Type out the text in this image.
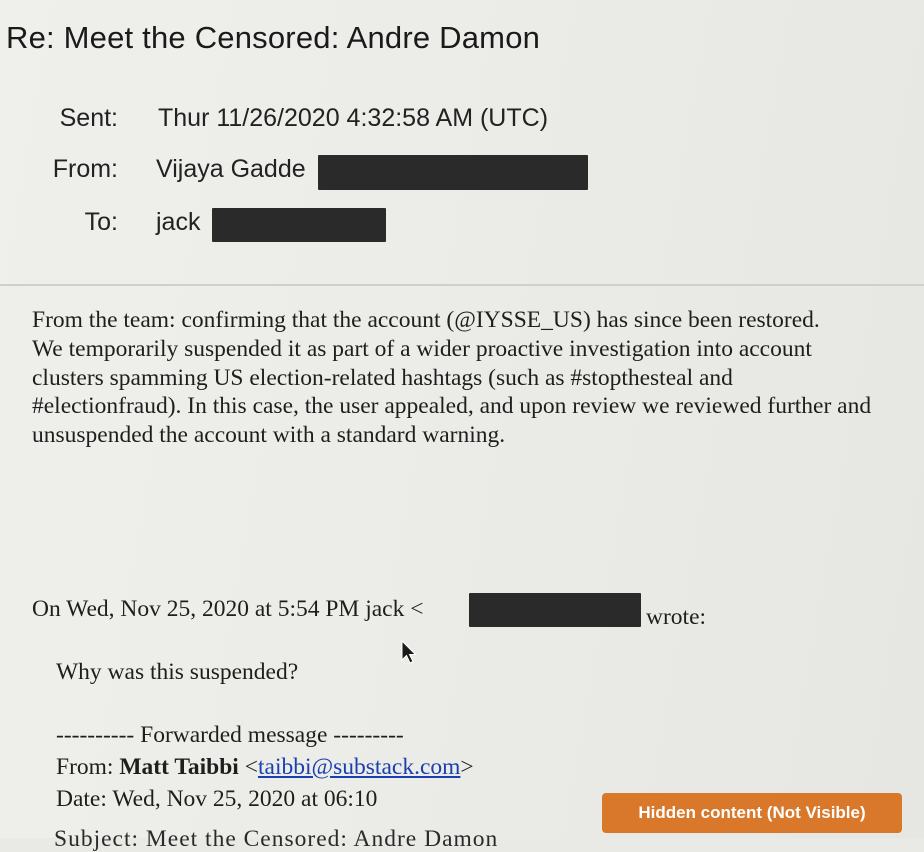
Re: Meet the Censored: Andre Damon
Sent: Thur 11/26/2020 4:32:58 AM (UTC)
From: Vijaya Gadde
To: jack

From the team: confirming that the account (@IYSSE_US) has since been restored.

We temporarily suspended it as part of a wider proactive investigation into account clusters spamming US election-related hashtags (such as #stopthesteal and #electionfraud). In this case, the user appealed, and upon review we reviewed further and unsuspended the account with a standard warning.

On Wed, Nov 25, 2020 at 5:54 PM jack <	wrote:
Why was this suspended?
---------- Forwarded message ---------
From: Matt Taibbi <taibbi@substack.com>
Date: Wed, Nov 25, 2020 at 06:10
Subject: Meet the Censored: Andre Damon
Hidden content (Not Visible)
